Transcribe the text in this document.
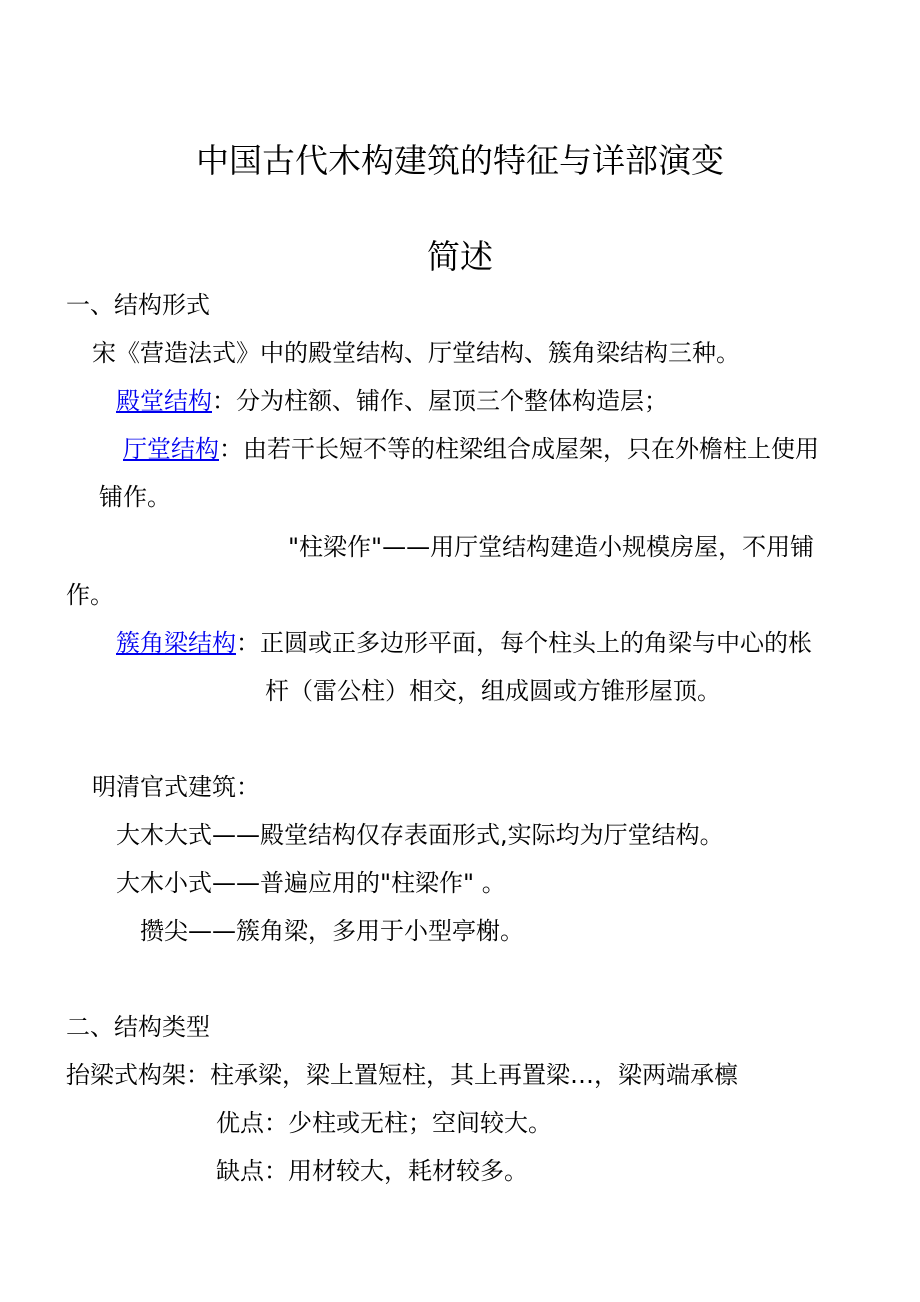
中国古代木构建筑的特征与详部演变
简述
一、结构形式
宋《营造法式》中的殿堂结构、厅堂结构、簇角梁结构三种。
殿堂结构：分为柱额、铺作、屋顶三个整体构造层；
厅堂结构：由若干长短不等的柱梁组合成屋架，只在外檐柱上使用
铺作。
"柱梁作"——用厅堂结构建造小规模房屋，不用铺
作。
簇角梁结构：正圆或正多边形平面，每个柱头上的角梁与中心的枨
杆（雷公柱）相交，组成圆或方锥形屋顶。
明清官式建筑：
大木大式——殿堂结构仅存表面形式,实际均为厅堂结构。
大木小式——普遍应用的"柱梁作" 。
攒尖——簇角梁，多用于小型亭榭。
二、结构类型
抬梁式构架：柱承梁，梁上置短柱，其上再置梁…，梁两端承檩
优点：少柱或无柱；空间较大。
缺点：用材较大，耗材较多。
